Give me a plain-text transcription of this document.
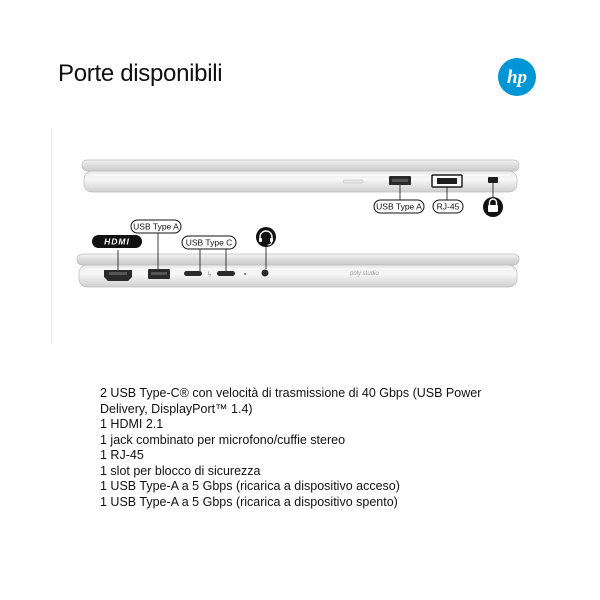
Porte disponibili	hp
USB Type A RJ-45
ϟ	poly studio
HDMI
USB Type A
USB Type C
2 USB Type-C® con velocità di trasmissione di 40 Gbps (USB Power
Delivery, DisplayPort™ 1.4)
1 HDMI 2.1
1 jack combinato per microfono/cuffie stereo
1 RJ-45
1 slot per blocco di sicurezza
1 USB Type-A a 5 Gbps (ricarica a dispositivo acceso)
1 USB Type-A a 5 Gbps (ricarica a dispositivo spento)
